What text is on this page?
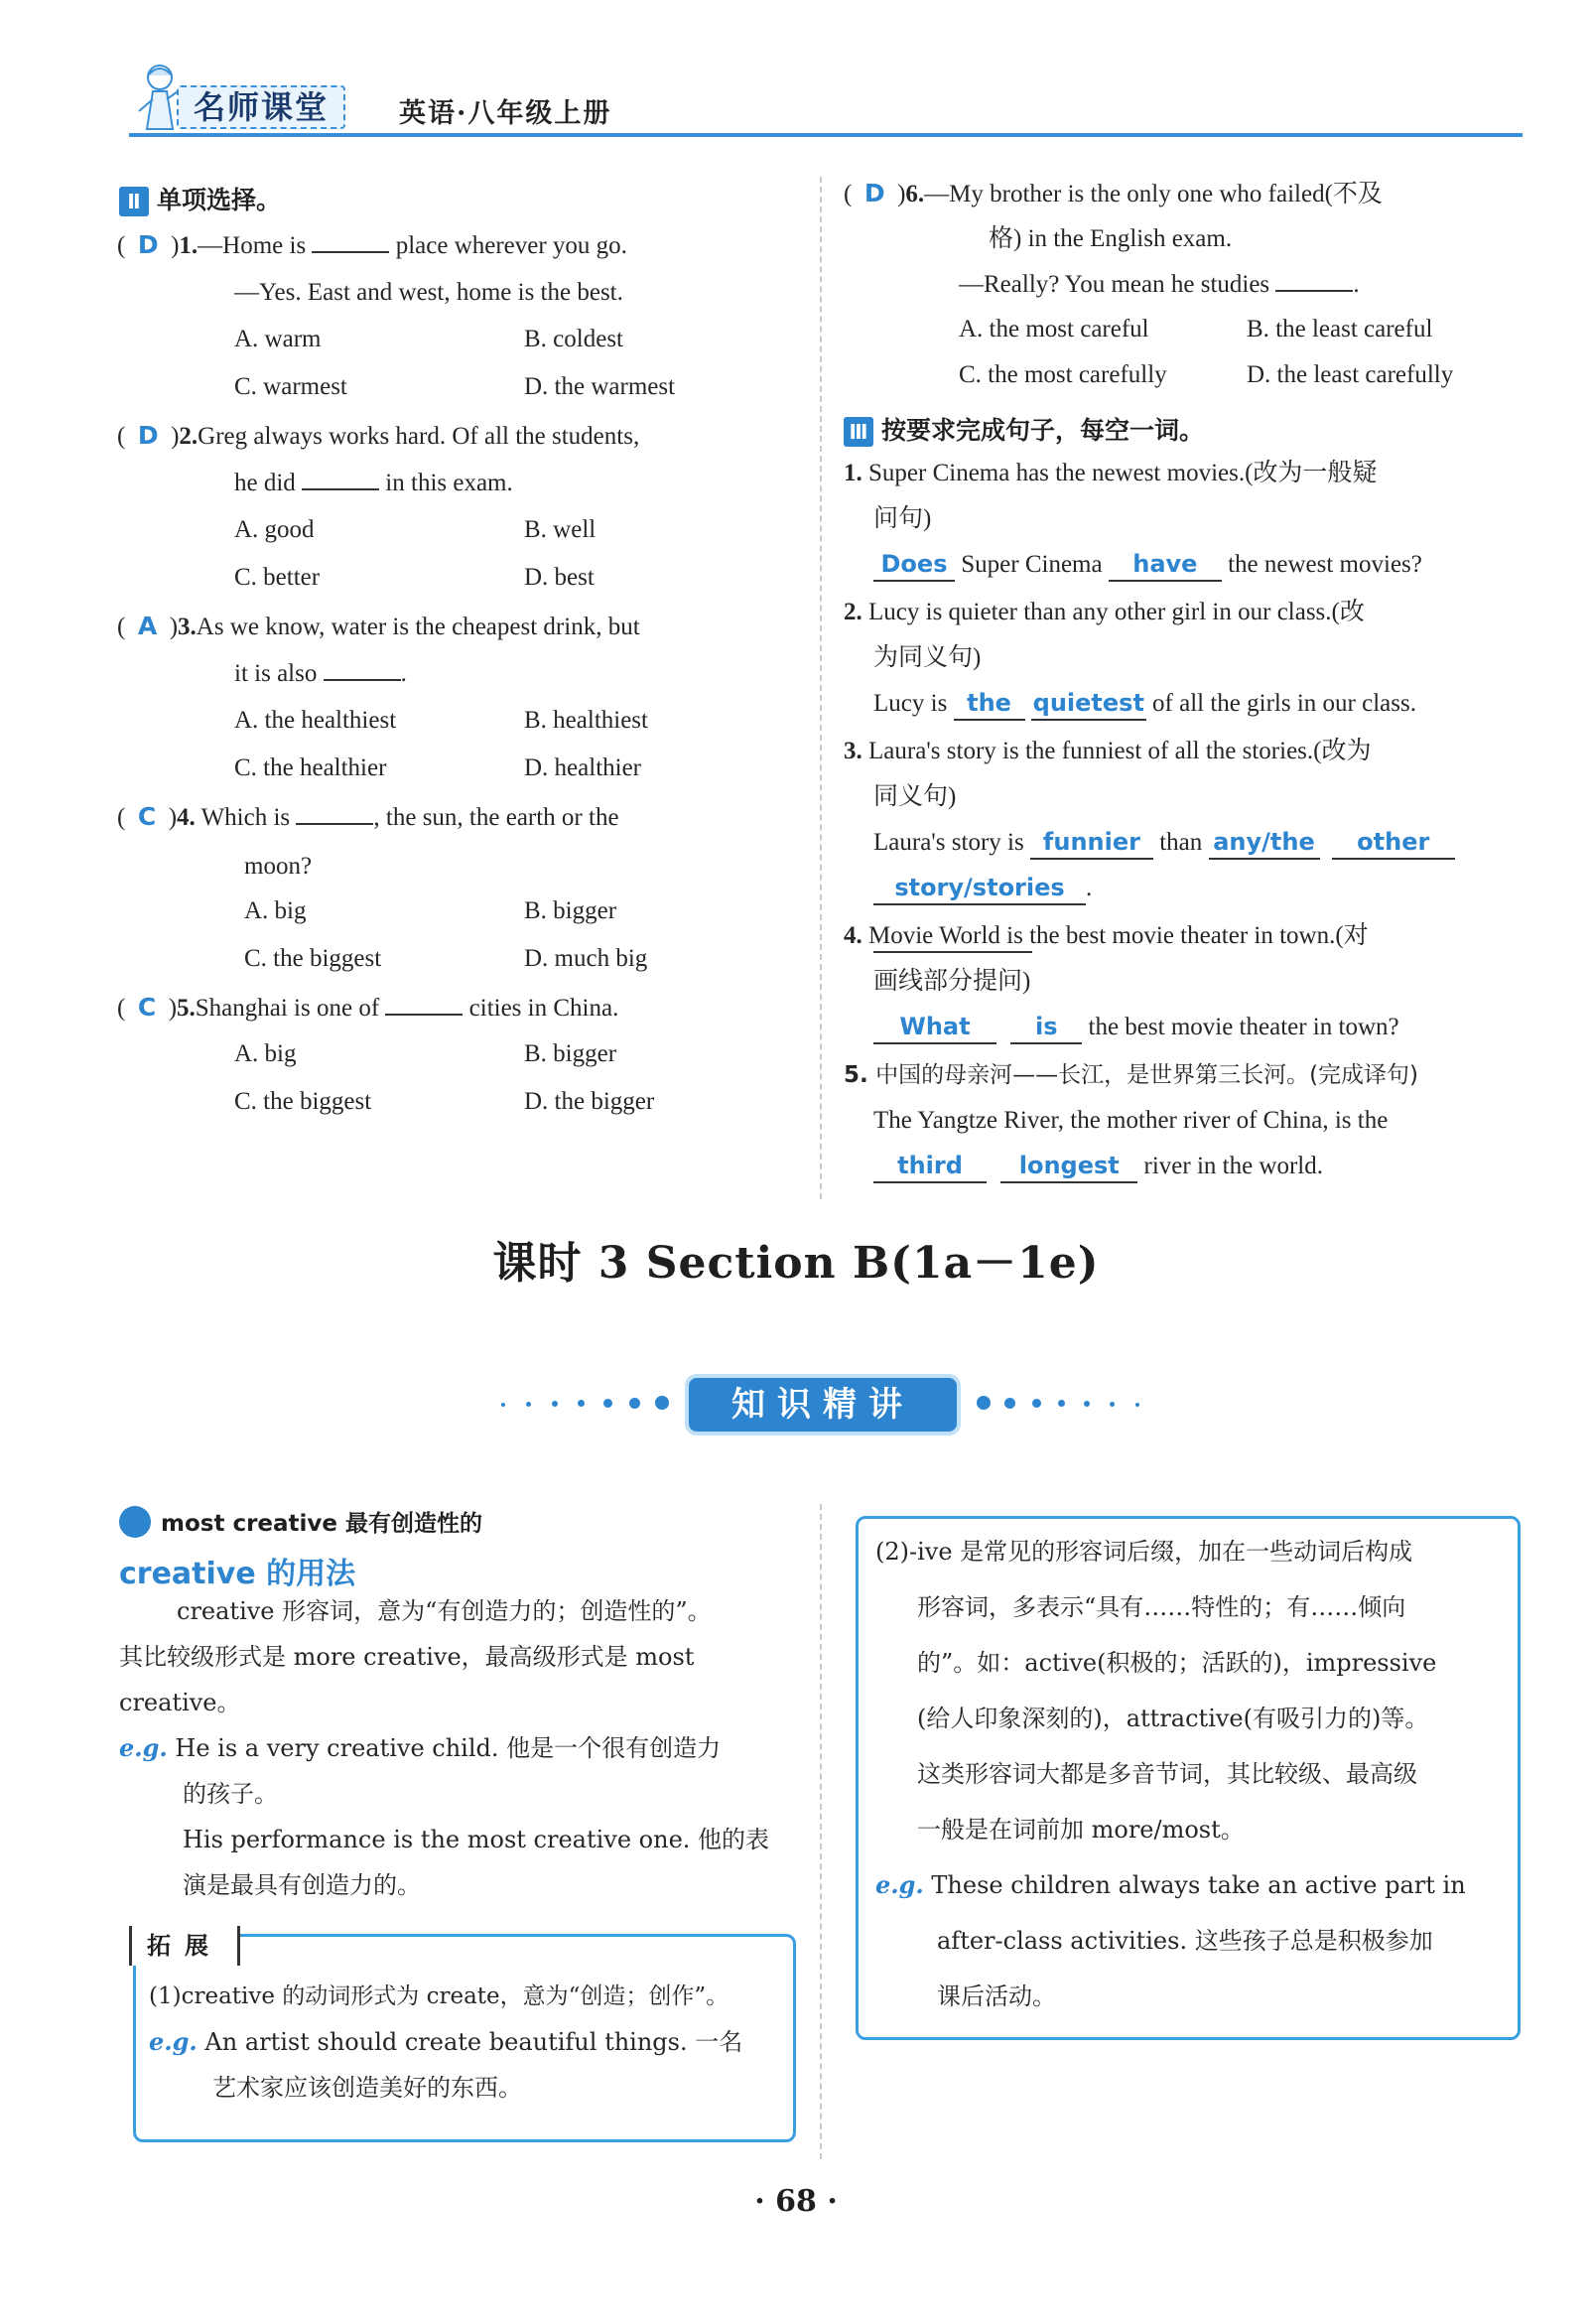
名师课堂	英语·八年级上册
Ⅱ 单项选择。
(  D  )1.—Home is	place wherever you go.
—Yes. East and west, home is the best.
A. warm	B. coldest
C. warmest	D. the warmest
(  D  )2.Greg always works hard. Of all the students,
he did	in this exam.
A. good	B. well
C. better	D. best
(  A  )3.As we know, water is the cheapest drink, but
it is also	.
A. the healthiest	B. healthiest
C. the healthier	D. healthier
(  C  )4. Which is	, the sun, the earth or the
moon?
A. big	B. bigger
C. the biggest	D. much big
(  C  )5.Shanghai is one of	cities in China.
A. big	B. bigger
C. the biggest	D. the bigger
(  D  )6.—My brother is the only one who failed(不及
格) in the English exam.
—Really? You mean he studies	.
A. the most careful	B. the least careful
C. the most carefully	D. the least carefully
Ⅲ 按要求完成句子，每空一词。
1. Super Cinema has the newest movies.(改为一般疑
问句)
Does Super Cinema have the newest movies?
2. Lucy is quieter than any other girl in our class.(改
为同义句)
Lucy is the quietest of all the girls in our class.
3. Laura's story is the funniest of all the stories.(改为
同义句)
Laura's story is funnier than any/the other
story/stories .
4. Movie World is the best movie theater in town.(对
画线部分提问)
What	is the best movie theater in town?
5. 中国的母亲河——长江，是世界第三长河。(完成译句)
The Yangtze River, the mother river of China, is the
third longest river in the world.
课时 3 Section B(1a－1e)
知识精讲
most creative 最有创造性的
creative 的用法
creative 形容词，意为“有创造力的；创造性的”。
其比较级形式是 more creative，最高级形式是 most
creative。
e.g. He is a very creative child. 他是一个很有创造力
的孩子。
His performance is the most creative one. 他的表
演是最具有创造力的。
拓展
(1)creative 的动词形式为 create，意为“创造；创作”。
e.g. An artist should create beautiful things. 一名
艺术家应该创造美好的东西。
(2)-ive 是常见的形容词后缀，加在一些动词后构成
形容词，多表示“具有……特性的；有……倾向
的”。如：active(积极的；活跃的)，impressive
(给人印象深刻的)，attractive(有吸引力的)等。
这类形容词大都是多音节词，其比较级、最高级
一般是在词前加 more/most。
e.g. These children always take an active part in
after-class activities. 这些孩子总是积极参加
课后活动。
· 68 ·
